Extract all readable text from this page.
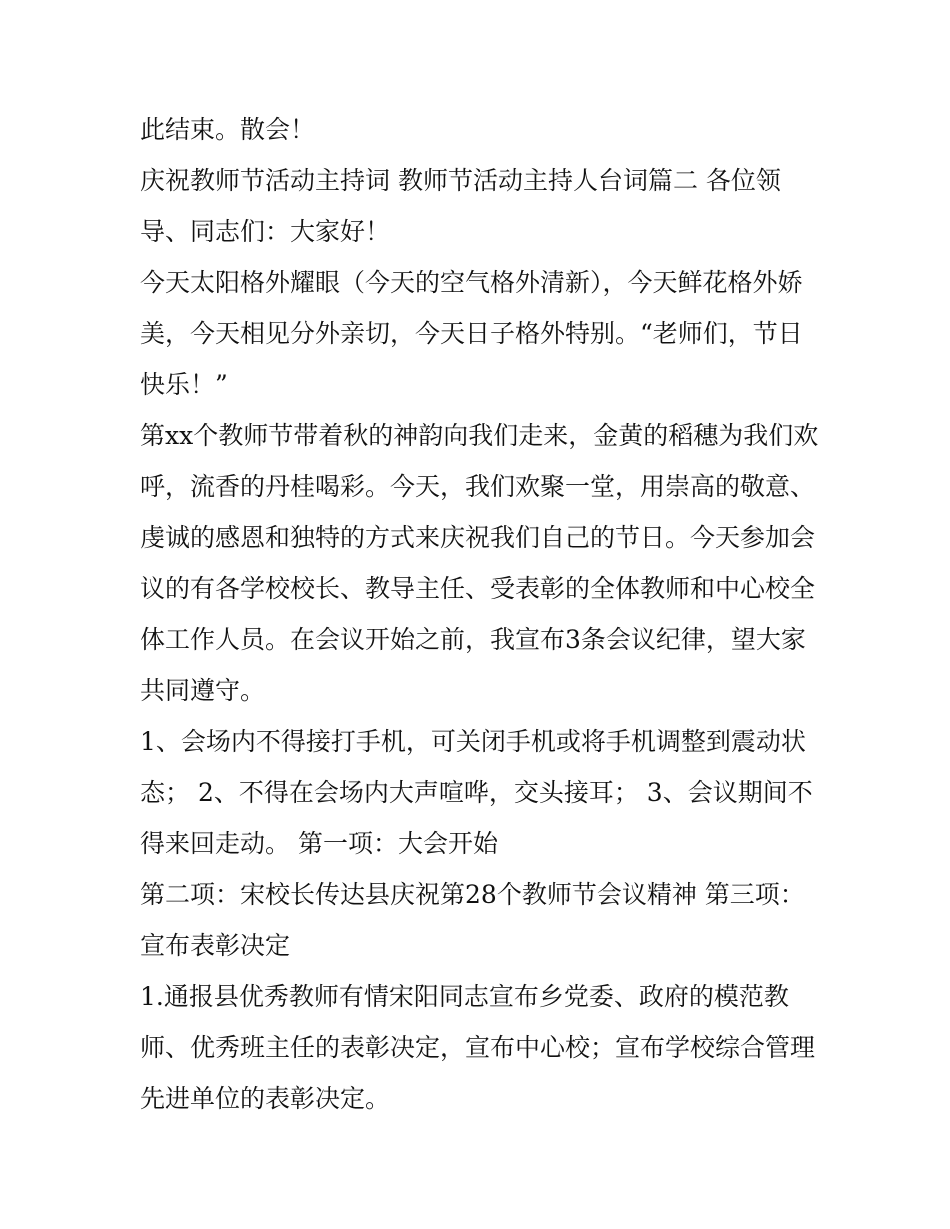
此结束。散会！

庆祝教师节活动主持词 教师节活动主持人台词篇二 各位领导、同志们：大家好！

今天太阳格外耀眼（今天的空气格外清新），今天鲜花格外娇美，今天相见分外亲切，今天日子格外特别。“老师们，节日快乐！”

第xx个教师节带着秋的神韵向我们走来，金黄的稻穗为我们欢呼，流香的丹桂喝彩。今天，我们欢聚一堂，用崇高的敬意、虔诚的感恩和独特的方式来庆祝我们自己的节日。今天参加会议的有各学校校长、教导主任、受表彰的全体教师和中心校全体工作人员。在会议开始之前，我宣布3条会议纪律，望大家共同遵守。

1、会场内不得接打手机，可关闭手机或将手机调整到震动状态； 2、不得在会场内大声喧哗，交头接耳； 3、会议期间不得来回走动。 第一项：大会开始

第二项：宋校长传达县庆祝第28个教师节会议精神 第三项：宣布表彰决定

1.通报县优秀教师有情宋阳同志宣布乡党委、政府的模范教师、优秀班主任的表彰决定，宣布中心校；宣布学校综合管理先进单位的表彰决定。
